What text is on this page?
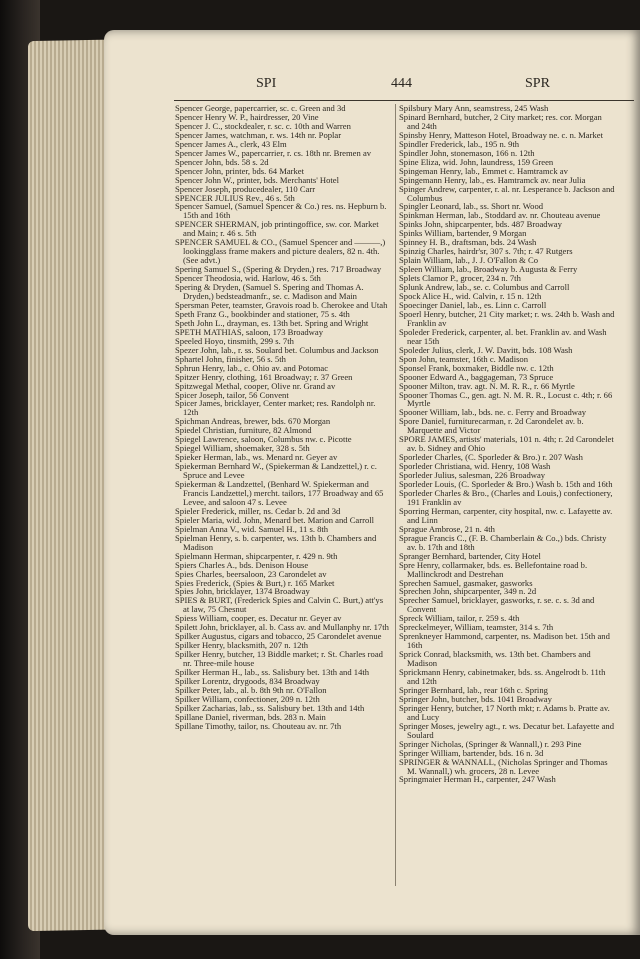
SPI	444	SPR
Spencer George, papercarrier, sc. c. Green and 3d
Spencer Henry W. P., hairdresser, 20 Vine
Spencer J. C., stockdealer, r. sc. c. 10th and Warren
Spencer James, watchman, r. ws. 14th nr. Poplar
Spencer James A., clerk, 43 Elm
Spencer James W., papercarrier, r. cs. 18th nr. Bremen av
Spencer John, bds. 58 s. 2d
Spencer John, printer, bds. 64 Market
Spencer John W., printer, bds. Merchants' Hotel
Spencer Joseph, producedealer, 110 Carr
SPENCER JULIUS Rev., 46 s. 5th
Spencer Samuel, (Samuel Spencer & Co.) res. ns. Hepburn b. 15th and 16th
SPENCER SHERMAN, job printingoffice, sw. cor. Market and Main; r. 46 s. 5th
SPENCER SAMUEL & CO., (Samuel Spencer and ———,) lookingglass frame makers and picture dealers, 82 n. 4th. (See advt.)
Spering Samuel S., (Spering & Dryden,) res. 717 Broadway
Spencer Theodosia, wid. Harlow, 46 s. 5th
Spering & Dryden, (Samuel S. Spering and Thomas A. Dryden,) bedsteadmanfr., se. c. Madison and Main
Spersman Peter, teamster, Gravois road b. Cherokee and Utah
Speth Franz G., bookbinder and stationer, 75 s. 4th
Speth John L., drayman, es. 13th bet. Spring and Wright
SPETH MATHIAS, saloon, 173 Broadway
Speeled Hoyo, tinsmith, 299 s. 7th
Spezer John, lab., r. ss. Soulard bet. Columbus and Jackson
Sphartel John, finisher, 56 s. 5th
Sphrun Henry, lab., c. Ohio av. and Potomac
Spitzer Henry, clothing, 161 Broadway; r. 37 Green
Spitzwegal Methal, cooper, Olive nr. Grand av
Spicer Joseph, tailor, 56 Convent
Spicer James, bricklayer, Center market; res. Randolph nr. 12th
Spichman Andreas, brewer, bds. 670 Morgan
Spiedel Christian, furniture, 82 Almond
Spiegel Lawrence, saloon, Columbus nw. c. Picotte
Spiegel William, shoemaker, 328 s. 5th
Spieker Herman, lab., ws. Menard nr. Geyer av
Spiekerman Bernhard W., (Spiekerman & Landzettel,) r. c. Spruce and Levee
Spiekerman & Landzettel, (Benhard W. Spiekerman and Francis Landzettel,) mercht. tailors, 177 Broadway and 65 Levee, and saloon 47 s. Levee
Spieler Frederick, miller, ns. Cedar b. 2d and 3d
Spieler Maria, wid. John, Menard bet. Marion and Carroll
Spielman Anna V., wid. Samuel H., 11 s. 8th
Spielman Henry, s. b. carpenter, ws. 13th b. Chambers and Madison
Spielmann Herman, shipcarpenter, r. 429 n. 9th
Spiers Charles A., bds. Denison House
Spies Charles, beersaloon, 23 Carondelet av
Spies Frederick, (Spies & Burt,) r. 165 Market
Spies John, bricklayer, 1374 Broadway
SPIES & BURT, (Frederick Spies and Calvin C. Burt,) att'ys at law, 75 Chesnut
Spiess William, cooper, es. Decatur nr. Geyer av
Spilett John, bricklayer, al. b. Cass av. and Mullanphy nr. 17th
Spilker Augustus, cigars and tobacco, 25 Carondelet avenue
Spilker Henry, blacksmith, 207 n. 12th
Spilker Henry, butcher, 13 Biddle market; r. St. Charles road nr. Three-mile house
Spilker Herman H., lab., ss. Salisbury bet. 13th and 14th
Spilker Lorentz, drygoods, 834 Broadway
Spilker Peter, lab., al. b. 8th 9th nr. O'Fallon
Spilker William, confectioner, 209 n. 12th
Spilker Zacharias, lab., ss. Salisbury bet. 13th and 14th
Spillane Daniel, riverman, bds. 283 n. Main
Spillane Timothy, tailor, ns. Chouteau av. nr. 7th
Spilsbury Mary Ann, seamstress, 245 Wash
Spinard Bernhard, butcher, 2 City market; res. cor. Morgan and 24th
Spinsby Henry, Matteson Hotel, Broadway ne. c. n. Market
Spindler Frederick, lab., 195 n. 9th
Spindler John, stonemason, 166 n. 12th
Spine Eliza, wid. John, laundress, 159 Green
Spingeman Henry, lab., Emmet c. Hamtramck av
Spingemann Henry, lab., es. Hamtramck av. near Julia
Spinger Andrew, carpenter, r. al. nr. Lesperance b. Jackson and Columbus
Spingler Leonard, lab., ss. Short nr. Wood
Spinkman Herman, lab., Stoddard av. nr. Chouteau avenue
Spinks John, shipcarpenter, bds. 487 Broadway
Spinks William, bartender, 9 Morgan
Spinney H. B., draftsman, bds. 24 Wash
Spinzig Charles, hairdr'sr, 307 s. 7th; r. 47 Rutgers
Splain William, lab., J. J. O'Fallon & Co
Spleen William, lab., Broadway b. Augusta & Ferry
Splets Clamor P., grocer, 234 n. 7th
Splunk Andrew, lab., se. c. Columbus and Carroll
Spock Alice H., wid. Calvin, r. 15 n. 12th
Spoecinger Daniel, lab., es. Linn c. Carroll
Spoerl Henry, butcher, 21 City market; r. ws. 24th b. Wash and Franklin av
Spoleder Frederick, carpenter, al. bet. Franklin av. and Wash near 15th
Spoleder Julius, clerk, J. W. Davitt, bds. 108 Wash
Spon John, teamster, 16th c. Madison
Sponsel Frank, boxmaker, Biddle nw. c. 12th
Spooner Edward A., baggageman, 73 Spruce
Spooner Milton, trav. agt. N. M. R. R., r. 66 Myrtle
Spooner Thomas C., gen. agt. N. M. R. R., Locust c. 4th; r. 66 Myrtle
Spooner William, lab., bds. ne. c. Ferry and Broadway
Spore Daniel, furniturecarman, r. 2d Carondelet av. b. Marquette and Victor
SPORE JAMES, artists' materials, 101 n. 4th; r. 2d Carondelet av. b. Sidney and Ohio
Sporleder Charles, (C. Sporleder & Bro.) r. 207 Wash
Sporleder Christiana, wid. Henry, 108 Wash
Sporleder Julius, salesman, 226 Broadway
Sporleder Louis, (C. Sporleder & Bro.) Wash b. 15th and 16th
Sporleder Charles & Bro., (Charles and Louis,) confectionery, 191 Franklin av
Sporring Herman, carpenter, city hospital, nw. c. Lafayette av. and Linn
Sprague Ambrose, 21 n. 4th
Sprague Francis C., (F. B. Chamberlain & Co.,) bds. Christy av. b. 17th and 18th
Spranger Bernhard, bartender, City Hotel
Spre Henry, collarmaker, bds. es. Bellefontaine road b. Mallinckrodt and Destrehan
Sprechen Samuel, gasmaker, gasworks
Sprechen John, shipcarpenter, 349 n. 2d
Sprecher Samuel, bricklayer, gasworks, r. se. c. s. 3d and Convent
Spreck William, tailor, r. 259 s. 4th
Spreckelmeyer, William, teamster, 314 s. 7th
Sprenkneyer Hammond, carpenter, ns. Madison bet. 15th and 16th
Sprick Conrad, blacksmith, ws. 13th bet. Chambers and Madison
Sprickmann Henry, cabinetmaker, bds. ss. Angelrodt b. 11th and 12th
Springer Bernhard, lab., rear 16th c. Spring
Springer John, butcher, bds. 1041 Broadway
Springer Henry, butcher, 17 North mkt; r. Adams b. Pratte av. and Lucy
Springer Moses, jewelry agt., r. ws. Decatur bet. Lafayette and Soulard
Springer Nicholas, (Springer & Wannall,) r. 293 Pine
Springer William, bartender, bds. 16 n. 3d
SPRINGER & WANNALL, (Nicholas Springer and Thomas M. Wannall,) wh. grocers, 28 n. Levee
Springmaier Herman H., carpenter, 247 Wash
